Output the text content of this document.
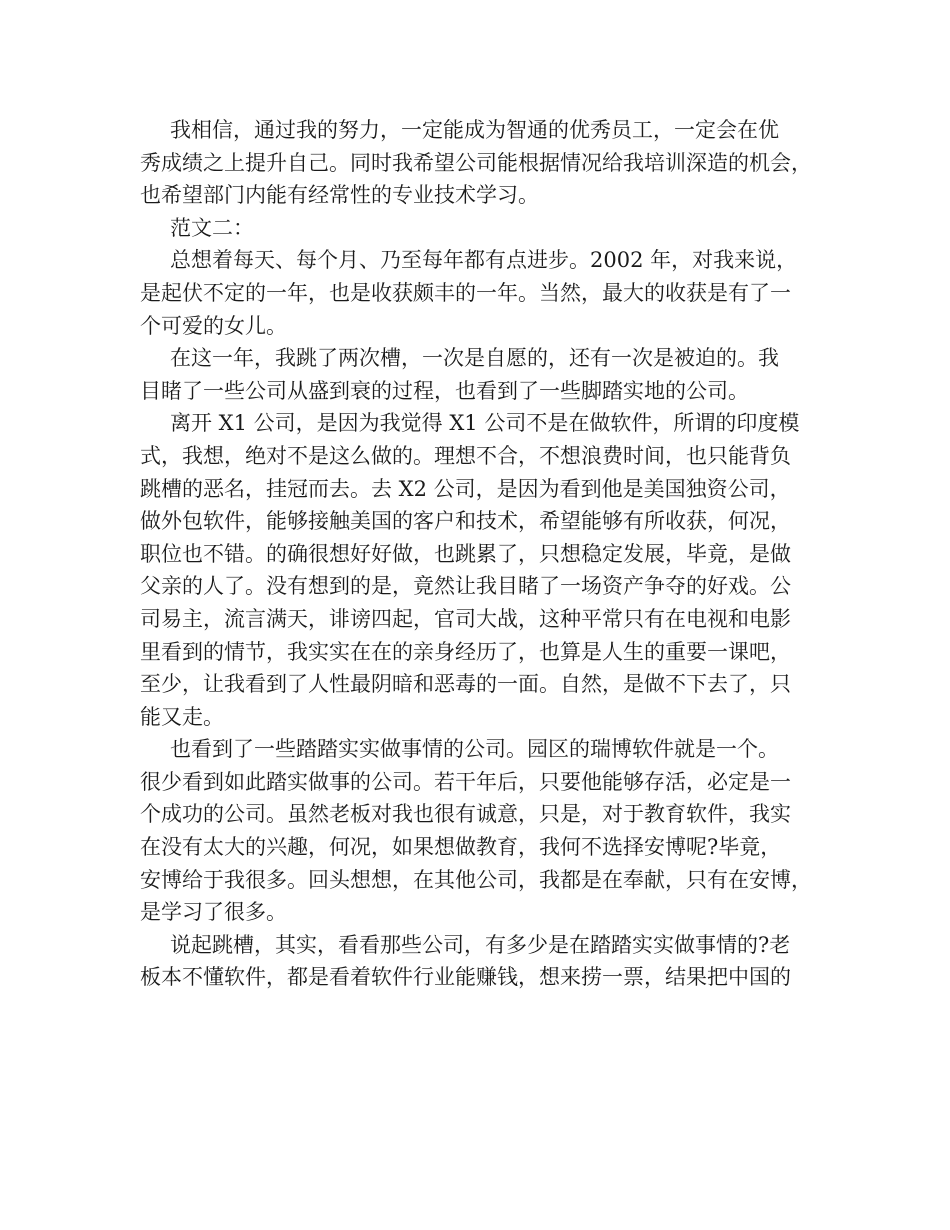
我相信，通过我的努力，一定能成为智通的优秀员工，一定会在优
秀成绩之上提升自己。同时我希望公司能根据情况给我培训深造的机会，
也希望部门内能有经常性的专业技术学习。

范文二：

总想着每天、每个月、乃至每年都有点进步。2002 年，对我来说，
是起伏不定的一年，也是收获颇丰的一年。当然，最大的收获是有了一
个可爱的女儿。

在这一年，我跳了两次槽，一次是自愿的，还有一次是被迫的。我
目睹了一些公司从盛到衰的过程，也看到了一些脚踏实地的公司。

离开 X1 公司，是因为我觉得 X1 公司不是在做软件，所谓的印度模
式，我想，绝对不是这么做的。理想不合，不想浪费时间，也只能背负
跳槽的恶名，挂冠而去。去 X2 公司，是因为看到他是美国独资公司，
做外包软件，能够接触美国的客户和技术，希望能够有所收获，何况，
职位也不错。的确很想好好做，也跳累了，只想稳定发展，毕竟，是做
父亲的人了。没有想到的是，竟然让我目睹了一场资产争夺的好戏。公
司易主，流言满天，诽谤四起，官司大战，这种平常只有在电视和电影
里看到的情节，我实实在在的亲身经历了，也算是人生的重要一课吧，
至少，让我看到了人性最阴暗和恶毒的一面。自然，是做不下去了，只
能又走。

也看到了一些踏踏实实做事情的公司。园区的瑞博软件就是一个。
很少看到如此踏实做事的公司。若干年后，只要他能够存活，必定是一
个成功的公司。虽然老板对我也很有诚意，只是，对于教育软件，我实
在没有太大的兴趣，何况，如果想做教育，我何不选择安博呢?毕竟，
安博给于我很多。回头想想，在其他公司，我都是在奉献，只有在安博，
是学习了很多。

说起跳槽，其实，看看那些公司，有多少是在踏踏实实做事情的?老
板本不懂软件，都是看着软件行业能赚钱，想来捞一票，结果把中国的
